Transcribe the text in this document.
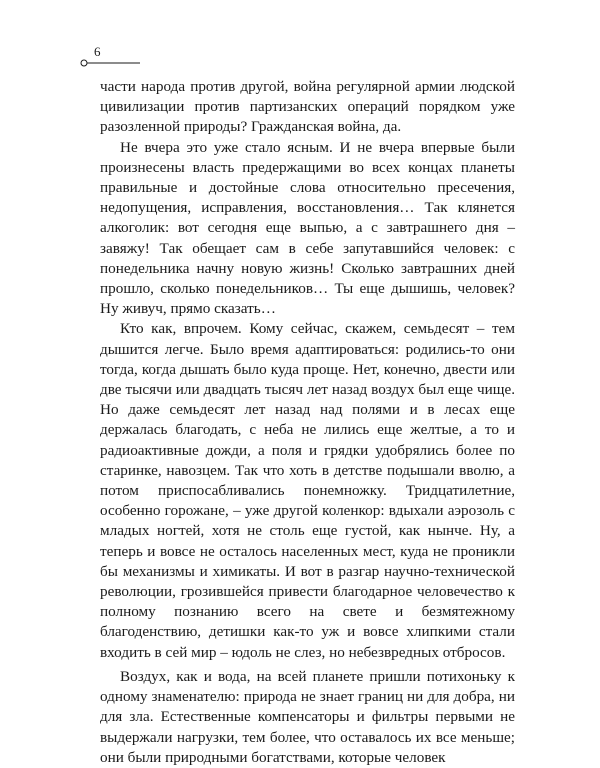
6

части народа против другой, война регулярной армии людской цивилизации против партизанских операций порядком уже разозленной природы? Гражданская война, да.

Не вчера это уже стало ясным. И не вчера впервые были произнесены власть предержащими во всех концах планеты правильные и достойные слова относительно пресечения, недопущения, исправления, восстановления… Так клянется алкоголик: вот сегодня еще выпью, а с завтрашнего дня – завяжу! Так обещает сам в себе запутавшийся человек: с понедельника начну новую жизнь! Сколько завтрашних дней прошло, сколько понедельников… Ты еще дышишь, человек? Ну живуч, прямо сказать…

Кто как, впрочем. Кому сейчас, скажем, семьдесят – тем дышится легче. Было время адаптироваться: родились-то они тогда, когда дышать было куда проще. Нет, конечно, двести или две тысячи или двадцать тысяч лет назад воздух был еще чище. Но даже семьдесят лет назад над полями и в лесах еще держалась благодать, с неба не лились еще желтые, а то и радиоактивные дожди, а поля и грядки удобрялись более по старинке, навозцем. Так что хоть в детстве подышали вволю, а потом приспосабливались понемножку. Тридцатилетние, особенно горожане, – уже другой коленкор: вдыхали аэрозоль с младых ногтей, хотя не столь еще густой, как нынче. Ну, а теперь и вовсе не осталось населенных мест, куда не проникли бы механизмы и химикаты. И вот в разгар научно-технической революции, грозившейся привести благодарное человечество к полному познанию всего на свете и безмятежному благоденствию, детишки как-то уж и вовсе хлипкими стали входить в сей мир – юдоль не слез, но небезвредных отбросов.

Воздух, как и вода, на всей планете пришли потихоньку к одному знаменателю: природа не знает границ ни для добра, ни для зла. Естественные компенсаторы и фильтры первыми не выдержали нагрузки, тем более, что оставалось их все меньше; они были природными богатствами, которые человек
